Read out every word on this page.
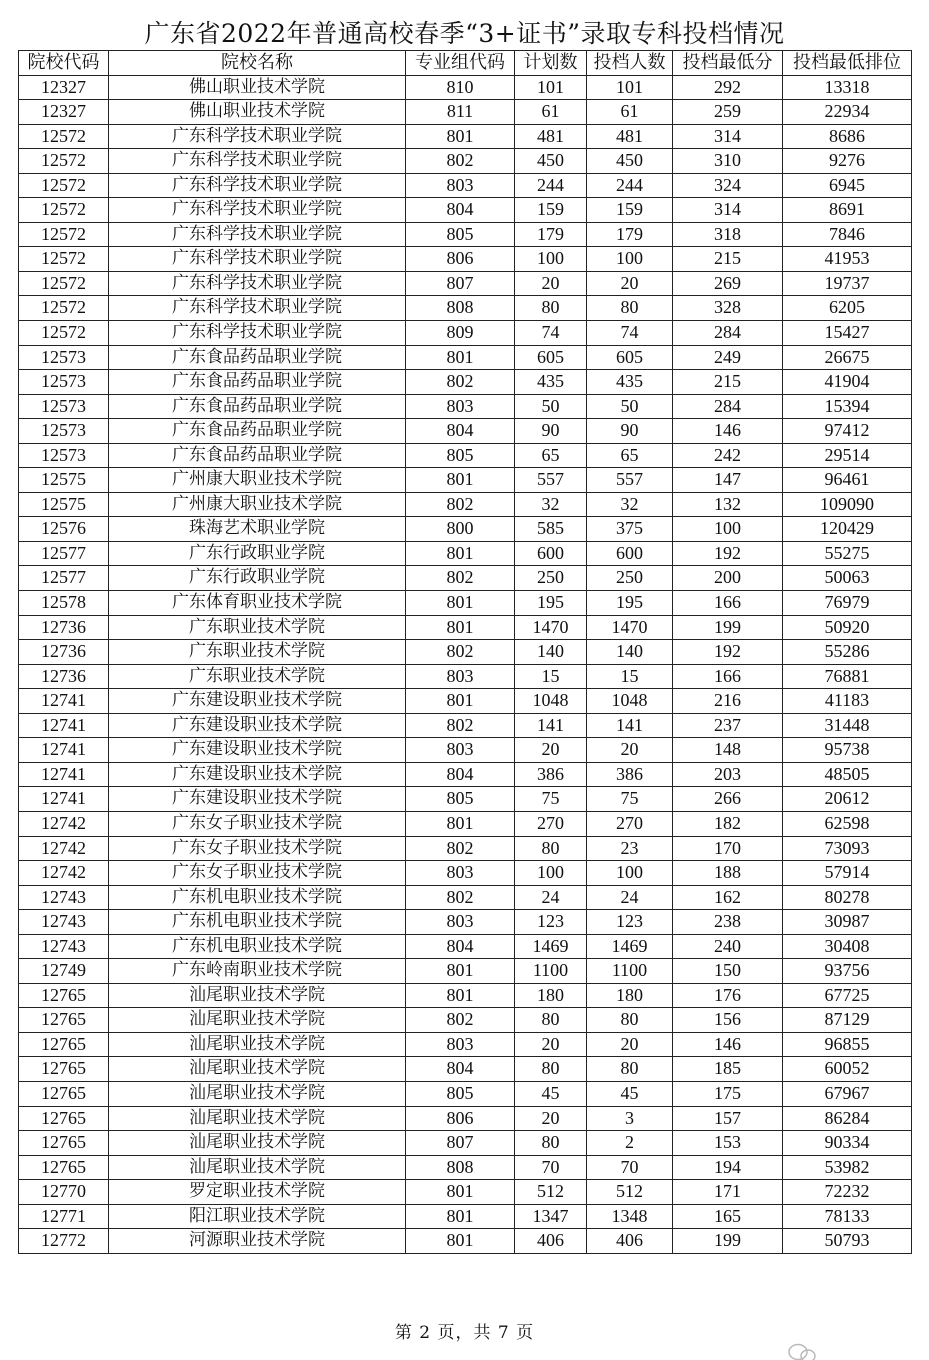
广东省2022年普通高校春季“3+证书”录取专科投档情况
院校代码	院校名称	专业组代码	计划数	投档人数	投档最低分	投档最低排位
12327	佛山职业技术学院	810	101	101	292	13318
12327	佛山职业技术学院	811	61	61	259	22934
12572	广东科学技术职业学院	801	481	481	314	8686
12572	广东科学技术职业学院	802	450	450	310	9276
12572	广东科学技术职业学院	803	244	244	324	6945
12572	广东科学技术职业学院	804	159	159	314	8691
12572	广东科学技术职业学院	805	179	179	318	7846
12572	广东科学技术职业学院	806	100	100	215	41953
12572	广东科学技术职业学院	807	20	20	269	19737
12572	广东科学技术职业学院	808	80	80	328	6205
12572	广东科学技术职业学院	809	74	74	284	15427
12573	广东食品药品职业学院	801	605	605	249	26675
12573	广东食品药品职业学院	802	435	435	215	41904
12573	广东食品药品职业学院	803	50	50	284	15394
12573	广东食品药品职业学院	804	90	90	146	97412
12573	广东食品药品职业学院	805	65	65	242	29514
12575	广州康大职业技术学院	801	557	557	147	96461
12575	广州康大职业技术学院	802	32	32	132	109090
12576	珠海艺术职业学院	800	585	375	100	120429
12577	广东行政职业学院	801	600	600	192	55275
12577	广东行政职业学院	802	250	250	200	50063
12578	广东体育职业技术学院	801	195	195	166	76979
12736	广东职业技术学院	801	1470	1470	199	50920
12736	广东职业技术学院	802	140	140	192	55286
12736	广东职业技术学院	803	15	15	166	76881
12741	广东建设职业技术学院	801	1048	1048	216	41183
12741	广东建设职业技术学院	802	141	141	237	31448
12741	广东建设职业技术学院	803	20	20	148	95738
12741	广东建设职业技术学院	804	386	386	203	48505
12741	广东建设职业技术学院	805	75	75	266	20612
12742	广东女子职业技术学院	801	270	270	182	62598
12742	广东女子职业技术学院	802	80	23	170	73093
12742	广东女子职业技术学院	803	100	100	188	57914
12743	广东机电职业技术学院	802	24	24	162	80278
12743	广东机电职业技术学院	803	123	123	238	30987
12743	广东机电职业技术学院	804	1469	1469	240	30408
12749	广东岭南职业技术学院	801	1100	1100	150	93756
12765	汕尾职业技术学院	801	180	180	176	67725
12765	汕尾职业技术学院	802	80	80	156	87129
12765	汕尾职业技术学院	803	20	20	146	96855
12765	汕尾职业技术学院	804	80	80	185	60052
12765	汕尾职业技术学院	805	45	45	175	67967
12765	汕尾职业技术学院	806	20	3	157	86284
12765	汕尾职业技术学院	807	80	2	153	90334
12765	汕尾职业技术学院	808	70	70	194	53982
12770	罗定职业技术学院	801	512	512	171	72232
12771	阳江职业技术学院	801	1347	1348	165	78133
12772	河源职业技术学院	801	406	406	199	50793
第 2 页，共 7 页
